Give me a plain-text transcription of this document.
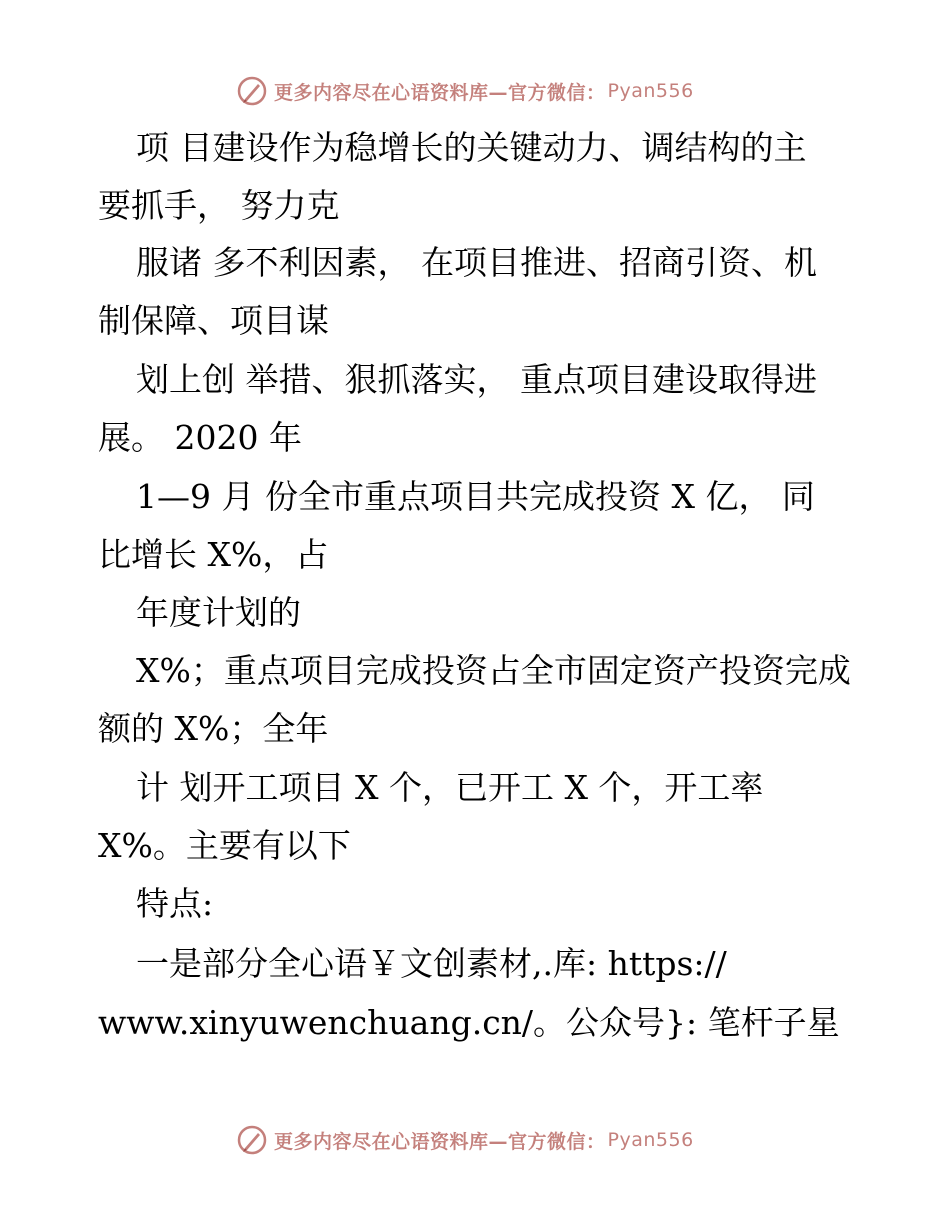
更多内容尽在心语资料库—官方微信： Pyan556
项 目建设作为稳增长的关键动力、调结构的主
要抓手， 努力克
服诸 多不利因素， 在项目推进、招商引资、机
制保障、项目谋
划上创 举措、狠抓落实， 重点项目建设取得进
展。 2020 年
1—9 月 份全市重点项目共完成投资 X 亿， 同
比增长 X%，占
年度计划的
X%；重点项目完成投资占全市固定资产投资完成
额的 X%；全年
计 划开工项目 X 个，已开工 X 个，开工率
X%。主要有以下
特点:
一是部分全心语￥文创素材,.库: https://
www.xinyuwenchuang.cn/。公众号}: 笔杆子星
更多内容尽在心语资料库—官方微信： Pyan556
